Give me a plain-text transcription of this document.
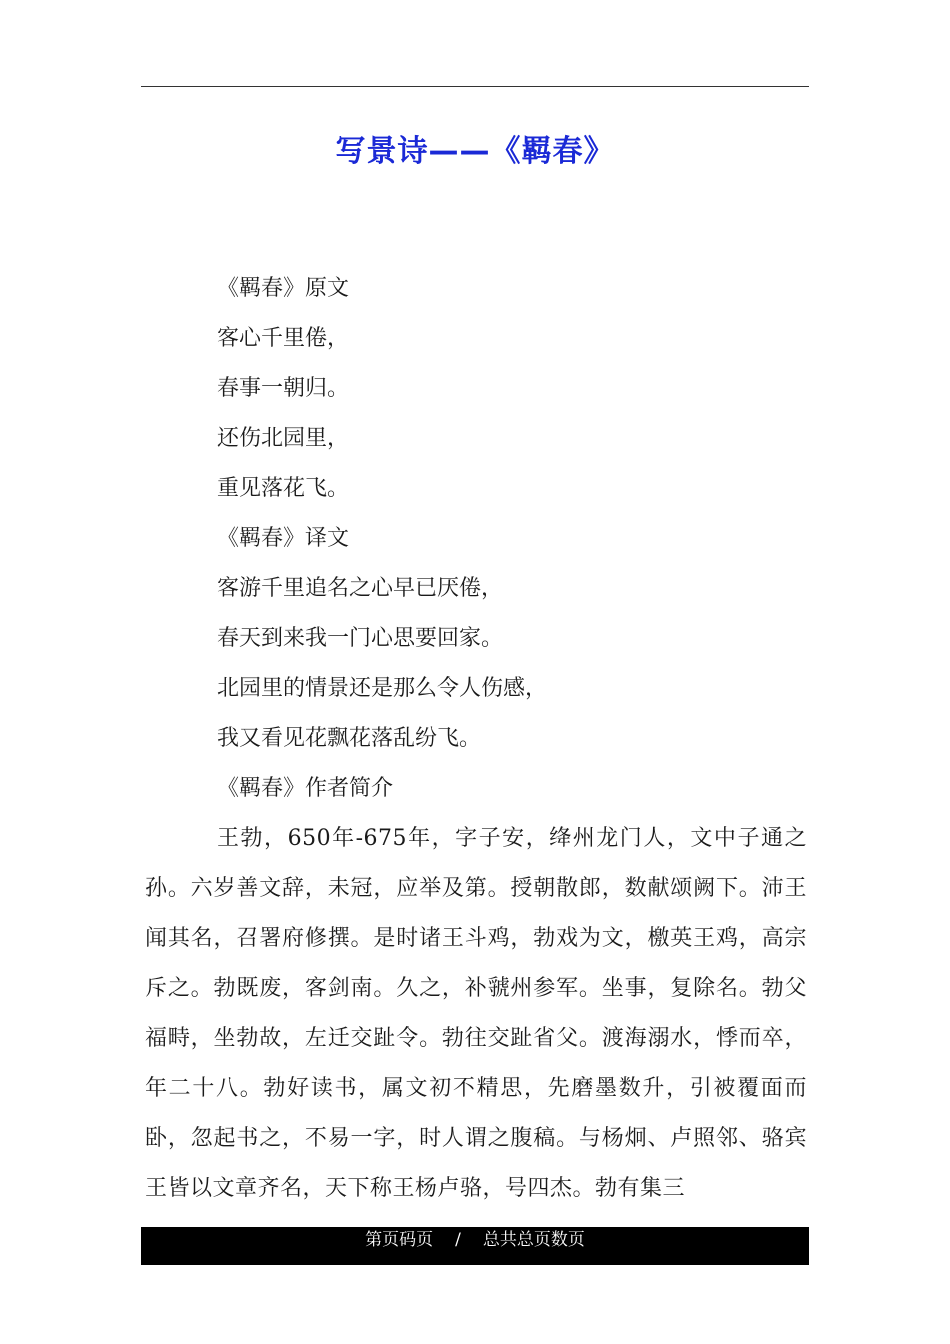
写景诗——《羁春》
《羁春》原文
客心千里倦，
春事一朝归。
还伤北园里，
重见落花飞。
《羁春》译文
客游千里追名之心早已厌倦，
春天到来我一门心思要回家。
北园里的情景还是那么令人伤感，
我又看见花飘花落乱纷飞。
《羁春》作者简介
王勃，650年-675年，字子安，绛州龙门人，文中子通之孙。六岁善文辞，未冠，应举及第。授朝散郎，数献颂阙下。沛王闻其名，召署府修撰。是时诸王斗鸡，勃戏为文，檄英王鸡，高宗斥之。勃既废，客剑南。久之，补虢州参军。坐事，复除名。勃父福畤，坐勃故，左迁交趾令。勃往交趾省父。渡海溺水，悸而卒，年二十八。勃好读书，属文初不精思，先磨墨数升，引被覆面而卧，忽起书之，不易一字，时人谓之腹稿。与杨炯、卢照邻、骆宾王皆以文章齐名，天下称王杨卢骆，号四杰。勃有集三
第页码页 / 总共总页数页
